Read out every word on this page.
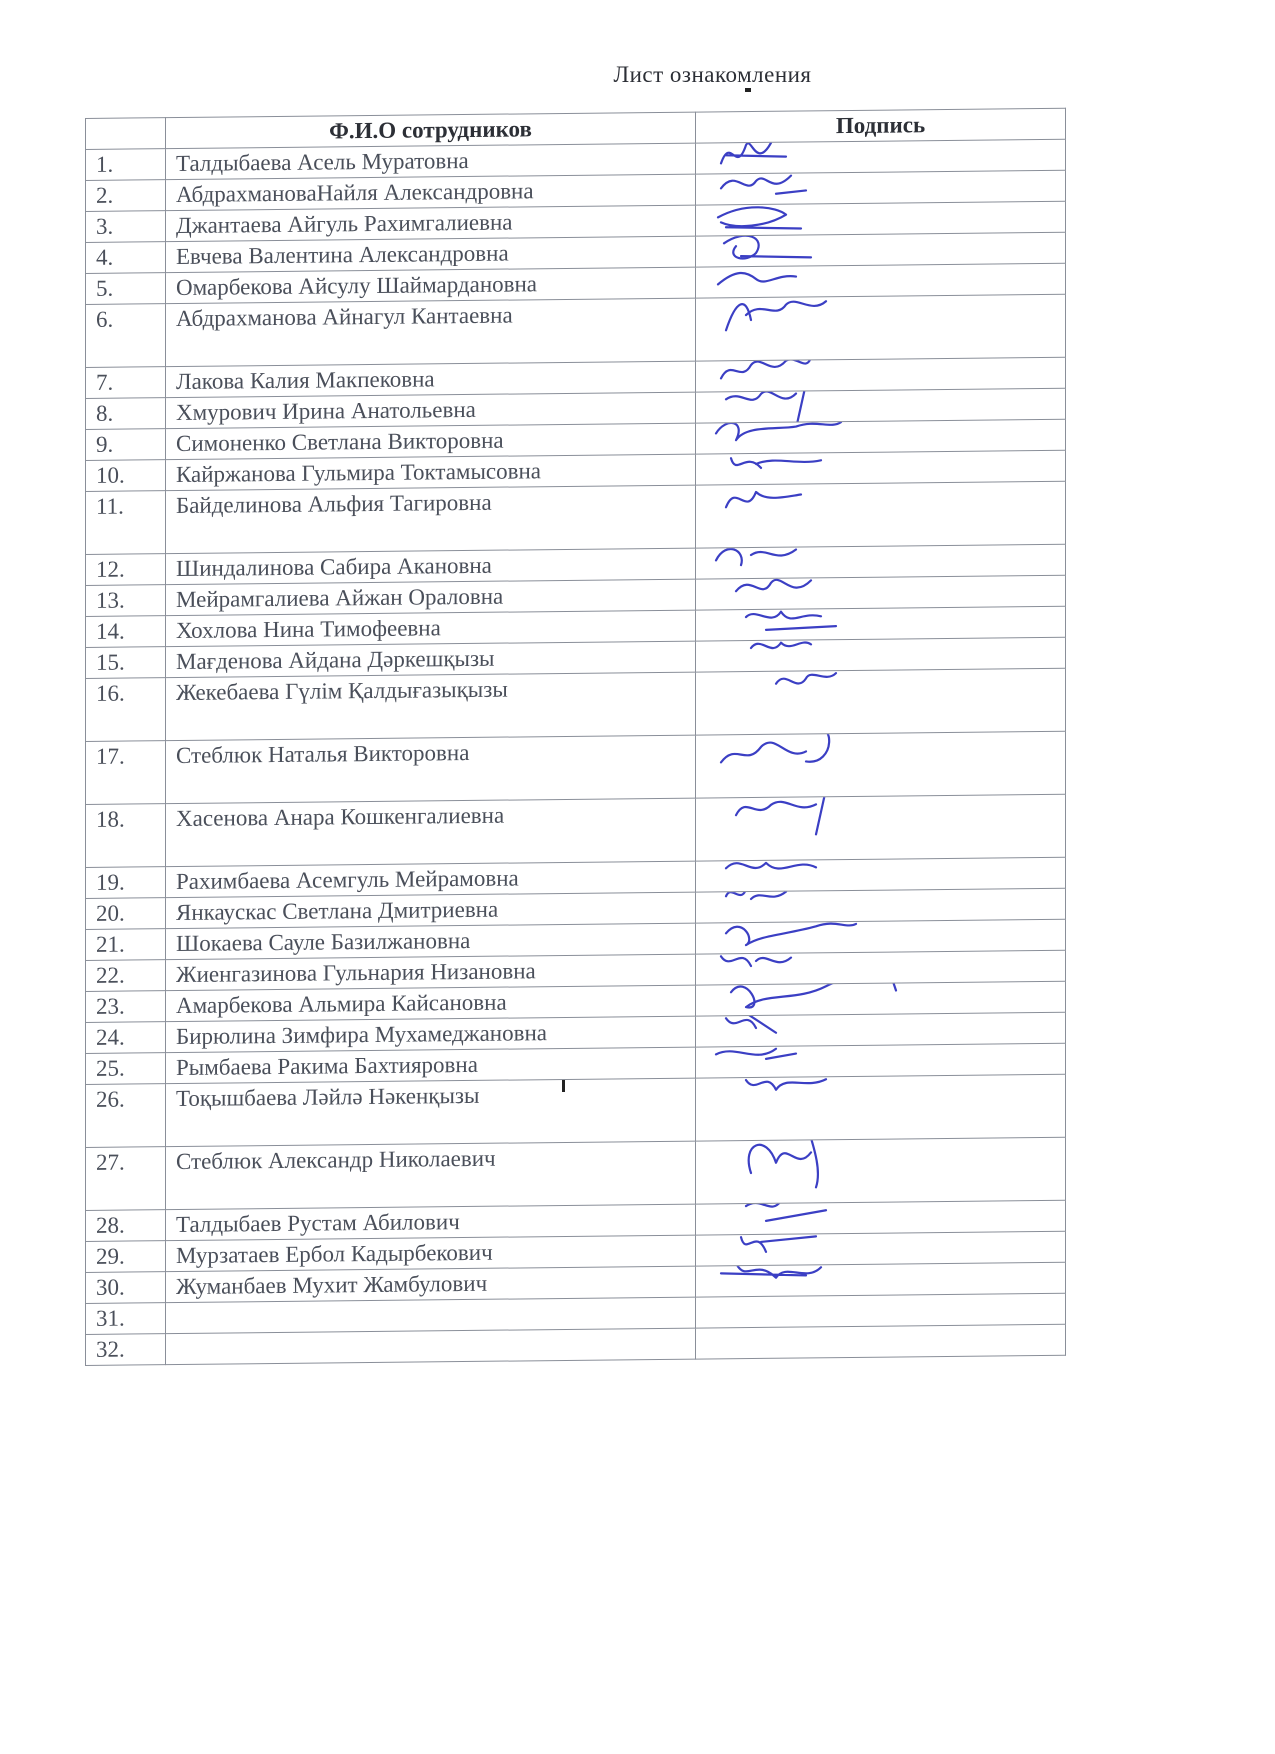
Лист ознакомления
	Ф.И.О сотрудников	Подпись
1.	Талдыбаева Асель Муратовна	

2.	АбдрахмановаНайля Александровна	

3.	Джантаева Айгуль Рахимгалиевна	

4.	Евчева Валентина Александровна	

5.	Омарбекова Айсулу Шаймардановна	

6.	Абдрахманова Айнагул Кантаевна	

7.	Лакова Калия Макпековна	

8.	Хмурович Ирина Анатольевна	

9.	Симоненко Светлана Викторовна	

10.	Кайржанова Гульмира Токтамысовна	

11.	Байделинова Альфия Тагировна	

12.	Шиндалинова Сабира Акановна	

13.	Мейрамгалиева Айжан Ораловна	

14.	Хохлова Нина Тимофеевна	

15.	Мағденова Айдана Дәркешқызы	

16.	Жекебаева Гүлім Қалдығазықызы	

17.	Стеблюк Наталья Викторовна	

18.	Хасенова Анара Кошкенгалиевна	

19.	Рахимбаева Асемгуль Мейрамовна	

20.	Янкаускас Светлана Дмитриевна	

21.	Шокаева Сауле Базилжановна	

22.	Жиенгазинова Гульнария Низановна	

23.	Амарбекова Альмира Кайсановна	

24.	Бирюлина Зимфира Мухамеджановна	

25.	Рымбаева Ракима Бахтияровна	

26.	Тоқышбаева Ләйлә Нәкенқызы	

27.	Стеблюк Александр Николаевич	

28.	Талдыбаев Рустам Абилович	

29.	Мурзатаев Ербол Кадырбекович	

30.	Жуманбаев Мухит Жамбулович	

31.		
32.		
